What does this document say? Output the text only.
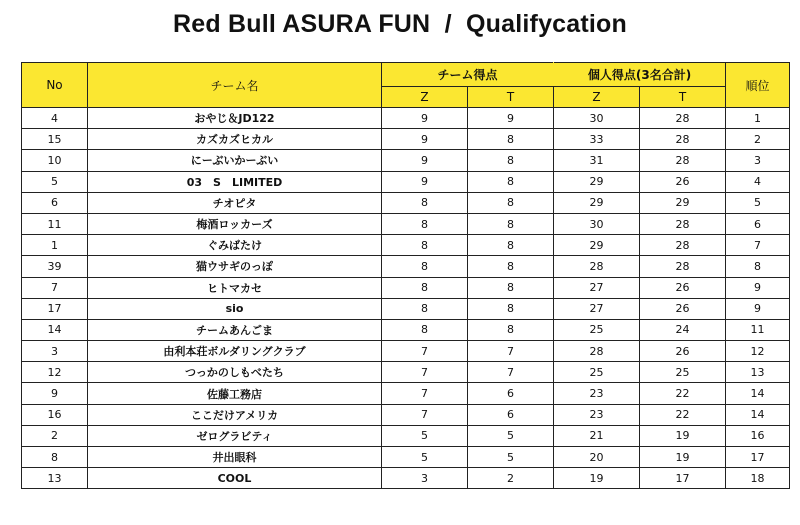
Red Bull ASURA FUN  /  Qualifycation
No	チーム名	チーム得点		個人得点(3名合計)		順位
		Z	T	Z	T	
4	おやじ＆JD122	9	9	30	28	1
15	カズカズヒカル	9	8	33	28	2
10	にーぶいかーぶい	9	8	31	28	3
5	03　S　LIMITED	9	8	29	26	4
6	チオピタ	8	8	29	29	5
11	梅酒ロッカーズ	8	8	30	28	6
1	ぐみばたけ	8	8	29	28	7
39	猫ウサギのっぽ	8	8	28	28	8
7	ヒトマカセ	8	8	27	26	9
17	sio	8	8	27	26	9
14	チームあんごま	8	8	25	24	11
3	由利本荘ボルダリングクラブ	7	7	28	26	12
12	つっかのしもべたち	7	7	25	25	13
9	佐藤工務店	7	6	23	22	14
16	ここだけアメリカ	7	6	23	22	14
2	ゼログラビティ	5	5	21	19	16
8	井出眼科	5	5	20	19	17
13	COOL	3	2	19	17	18
